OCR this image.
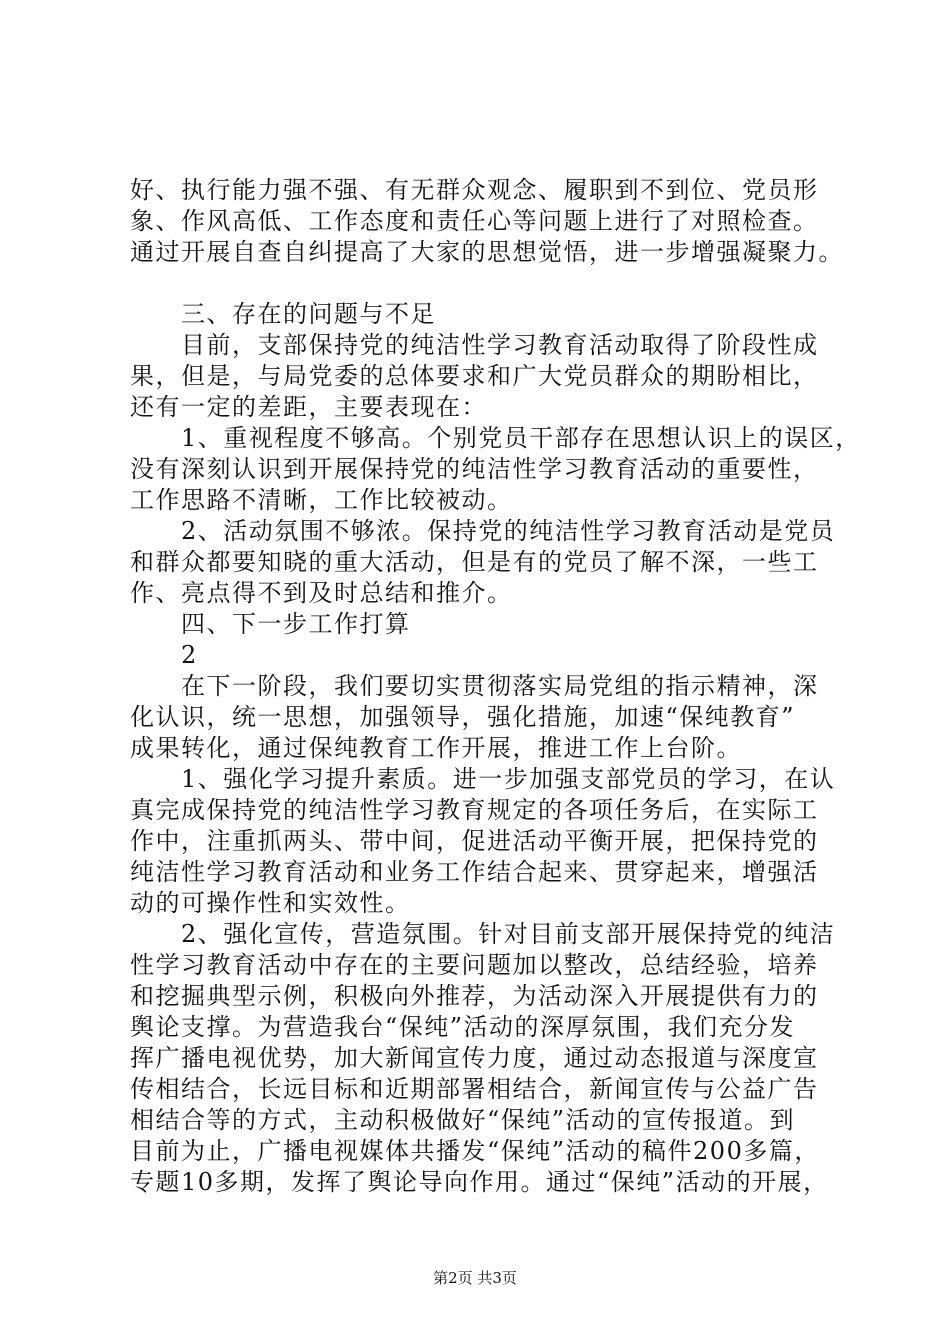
好、执行能力强不强、有无群众观念、履职到不到位、党员形
象、作风高低、工作态度和责任心等问题上进行了对照检查。
通过开展自查自纠提高了大家的思想觉悟，进一步增强凝聚力。
　　三、存在的问题与不足
　　目前，支部保持党的纯洁性学习教育活动取得了阶段性成
果，但是，与局党委的总体要求和广大党员群众的期盼相比，
还有一定的差距，主要表现在：
　　1、重视程度不够高。个别党员干部存在思想认识上的误区，
没有深刻认识到开展保持党的纯洁性学习教育活动的重要性，
工作思路不清晰，工作比较被动。
　　2、活动氛围不够浓。保持党的纯洁性学习教育活动是党员
和群众都要知晓的重大活动，但是有的党员了解不深，一些工
作、亮点得不到及时总结和推介。
　　四、下一步工作打算
　　2
　　在下一阶段，我们要切实贯彻落实局党组的指示精神，深
化认识，统一思想，加强领导，强化措施，加速“保纯教育”
成果转化，通过保纯教育工作开展，推进工作上台阶。
　　1、强化学习提升素质。进一步加强支部党员的学习，在认
真完成保持党的纯洁性学习教育规定的各项任务后，在实际工
作中，注重抓两头、带中间，促进活动平衡开展，把保持党的
纯洁性学习教育活动和业务工作结合起来、贯穿起来，增强活
动的可操作性和实效性。
　　2、强化宣传，营造氛围。针对目前支部开展保持党的纯洁
性学习教育活动中存在的主要问题加以整改，总结经验，培养
和挖掘典型示例，积极向外推荐，为活动深入开展提供有力的
舆论支撑。为营造我台“保纯”活动的深厚氛围，我们充分发
挥广播电视优势，加大新闻宣传力度，通过动态报道与深度宣
传相结合，长远目标和近期部署相结合，新闻宣传与公益广告
相结合等的方式，主动积极做好“保纯”活动的宣传报道。到
目前为止，广播电视媒体共播发“保纯”活动的稿件200多篇，
专题10多期，发挥了舆论导向作用。通过“保纯”活动的开展，
第2页 共3页
